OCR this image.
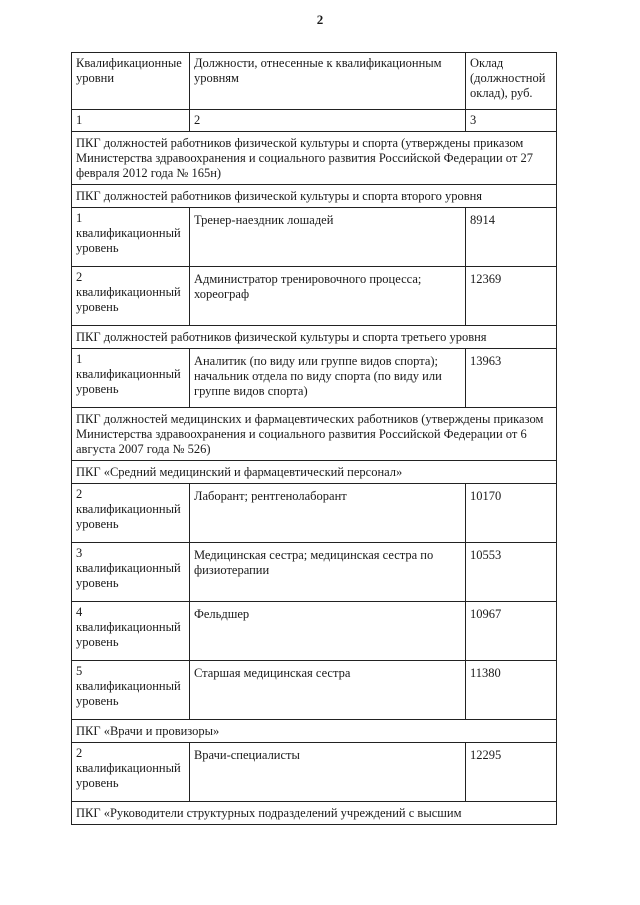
2
Квалификационные уровни	Должности, отнесенные к квалификационным уровням	Оклад (должностной оклад), руб.
1	2	3
ПКГ должностей работников физической культуры и спорта (утверждены приказом Министерства здравоохранения и социального развития Российской Федерации от 27 февраля 2012 года № 165н)		
ПКГ должностей работников физической культуры и спорта второго уровня		
1 квалификационный уровень	Тренер-наездник лошадей	8914
2 квалификационный уровень	Администратор тренировочного процесса; хореограф	12369
ПКГ должностей работников физической культуры и спорта третьего уровня		
1 квалификационный уровень	Аналитик (по виду или группе видов спорта); начальник отдела по виду спорта (по виду или группе видов спорта)	13963
ПКГ должностей медицинских и фармацевтических работников (утверждены приказом Министерства здравоохранения и социального развития Российской Федерации от 6 августа 2007 года № 526)		
ПКГ «Средний медицинский и фармацевтический персонал»		
2 квалификационный уровень	Лаборант; рентгенолаборант	10170
3 квалификационный уровень	Медицинская сестра; медицинская сестра по физиотерапии	10553
4 квалификационный уровень	Фельдшер	10967
5 квалификационный уровень	Старшая медицинская сестра	11380
ПКГ «Врачи и провизоры»		
2 квалификационный уровень	Врачи-специалисты	12295
ПКГ «Руководители структурных подразделений учреждений с высшим		
